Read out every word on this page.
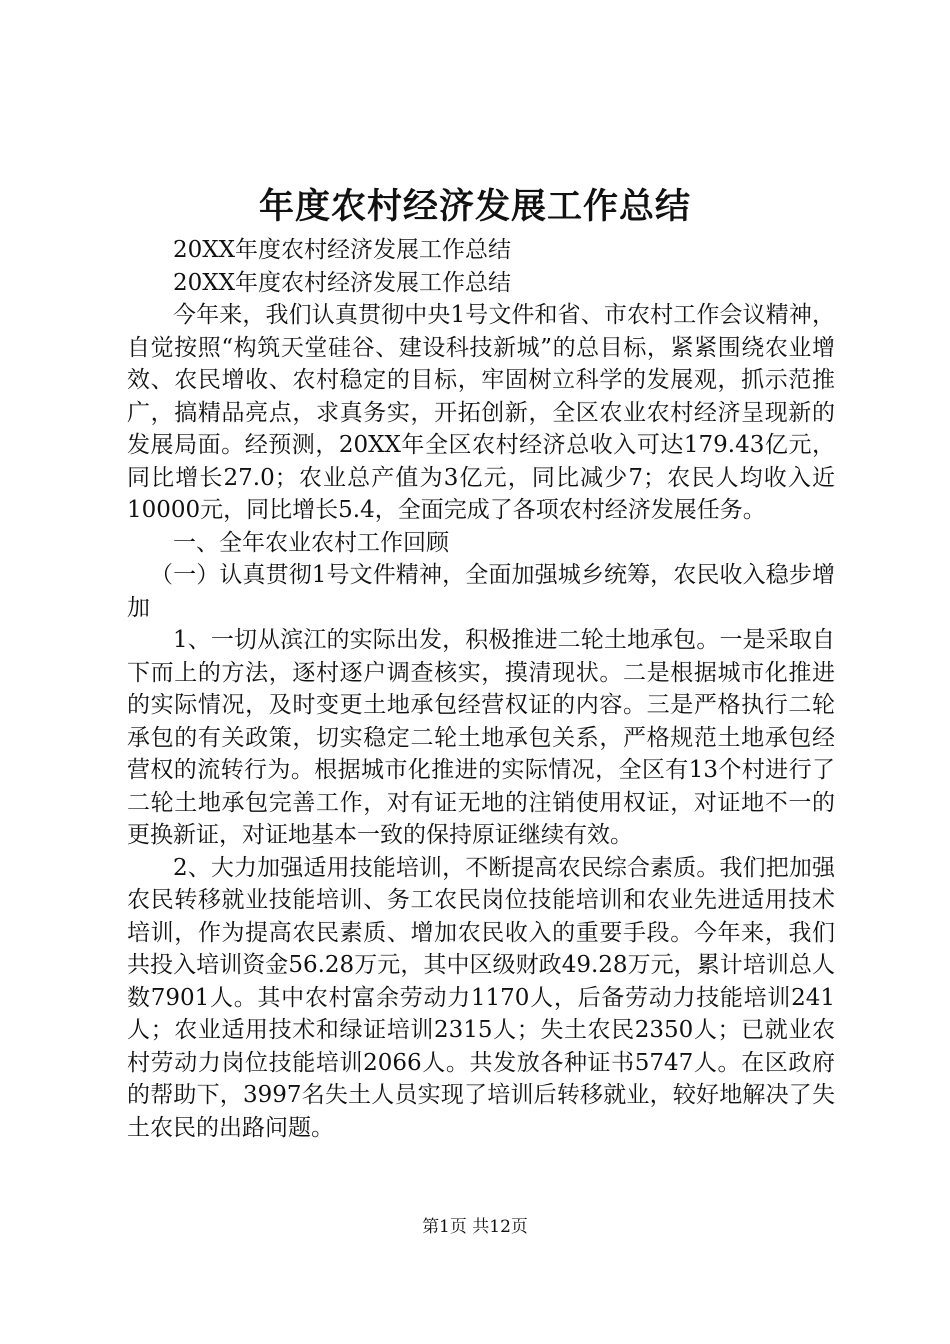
年度农村经济发展工作总结

20XX年度农村经济发展工作总结

20XX年度农村经济发展工作总结

今年来，我们认真贯彻中央1号文件和省、市农村工作会议精神，自觉按照“构筑天堂硅谷、建设科技新城”的总目标，紧紧围绕农业增效、农民增收、农村稳定的目标，牢固树立科学的发展观，抓示范推广，搞精品亮点，求真务实，开拓创新，全区农业农村经济呈现新的发展局面。经预测，20XX年全区农村经济总收入可达179.43亿元，同比增长27.0；农业总产值为3亿元，同比减少7；农民人均收入近10000元，同比增长5.4，全面完成了各项农村经济发展任务。

一、全年农业农村工作回顾

（一）认真贯彻1号文件精神，全面加强城乡统筹，农民收入稳步增加

1、一切从滨江的实际出发，积极推进二轮土地承包。一是采取自下而上的方法，逐村逐户调查核实，摸清现状。二是根据城市化推进的实际情况，及时变更土地承包经营权证的内容。三是严格执行二轮承包的有关政策，切实稳定二轮土地承包关系，严格规范土地承包经营权的流转行为。根据城市化推进的实际情况，全区有13个村进行了二轮土地承包完善工作，对有证无地的注销使用权证，对证地不一的更换新证，对证地基本一致的保持原证继续有效。

2、大力加强适用技能培训，不断提高农民综合素质。我们把加强农民转移就业技能培训、务工农民岗位技能培训和农业先进适用技术培训，作为提高农民素质、增加农民收入的重要手段。今年来，我们共投入培训资金56.28万元，其中区级财政49.28万元，累计培训总人数7901人。其中农村富余劳动力1170人，后备劳动力技能培训241人；农业适用技术和绿证培训2315人；失土农民2350人；已就业农村劳动力岗位技能培训2066人。共发放各种证书5747人。在区政府的帮助下，3997名失土人员实现了培训后转移就业，较好地解决了失土农民的出路问题。

第1页 共12页
